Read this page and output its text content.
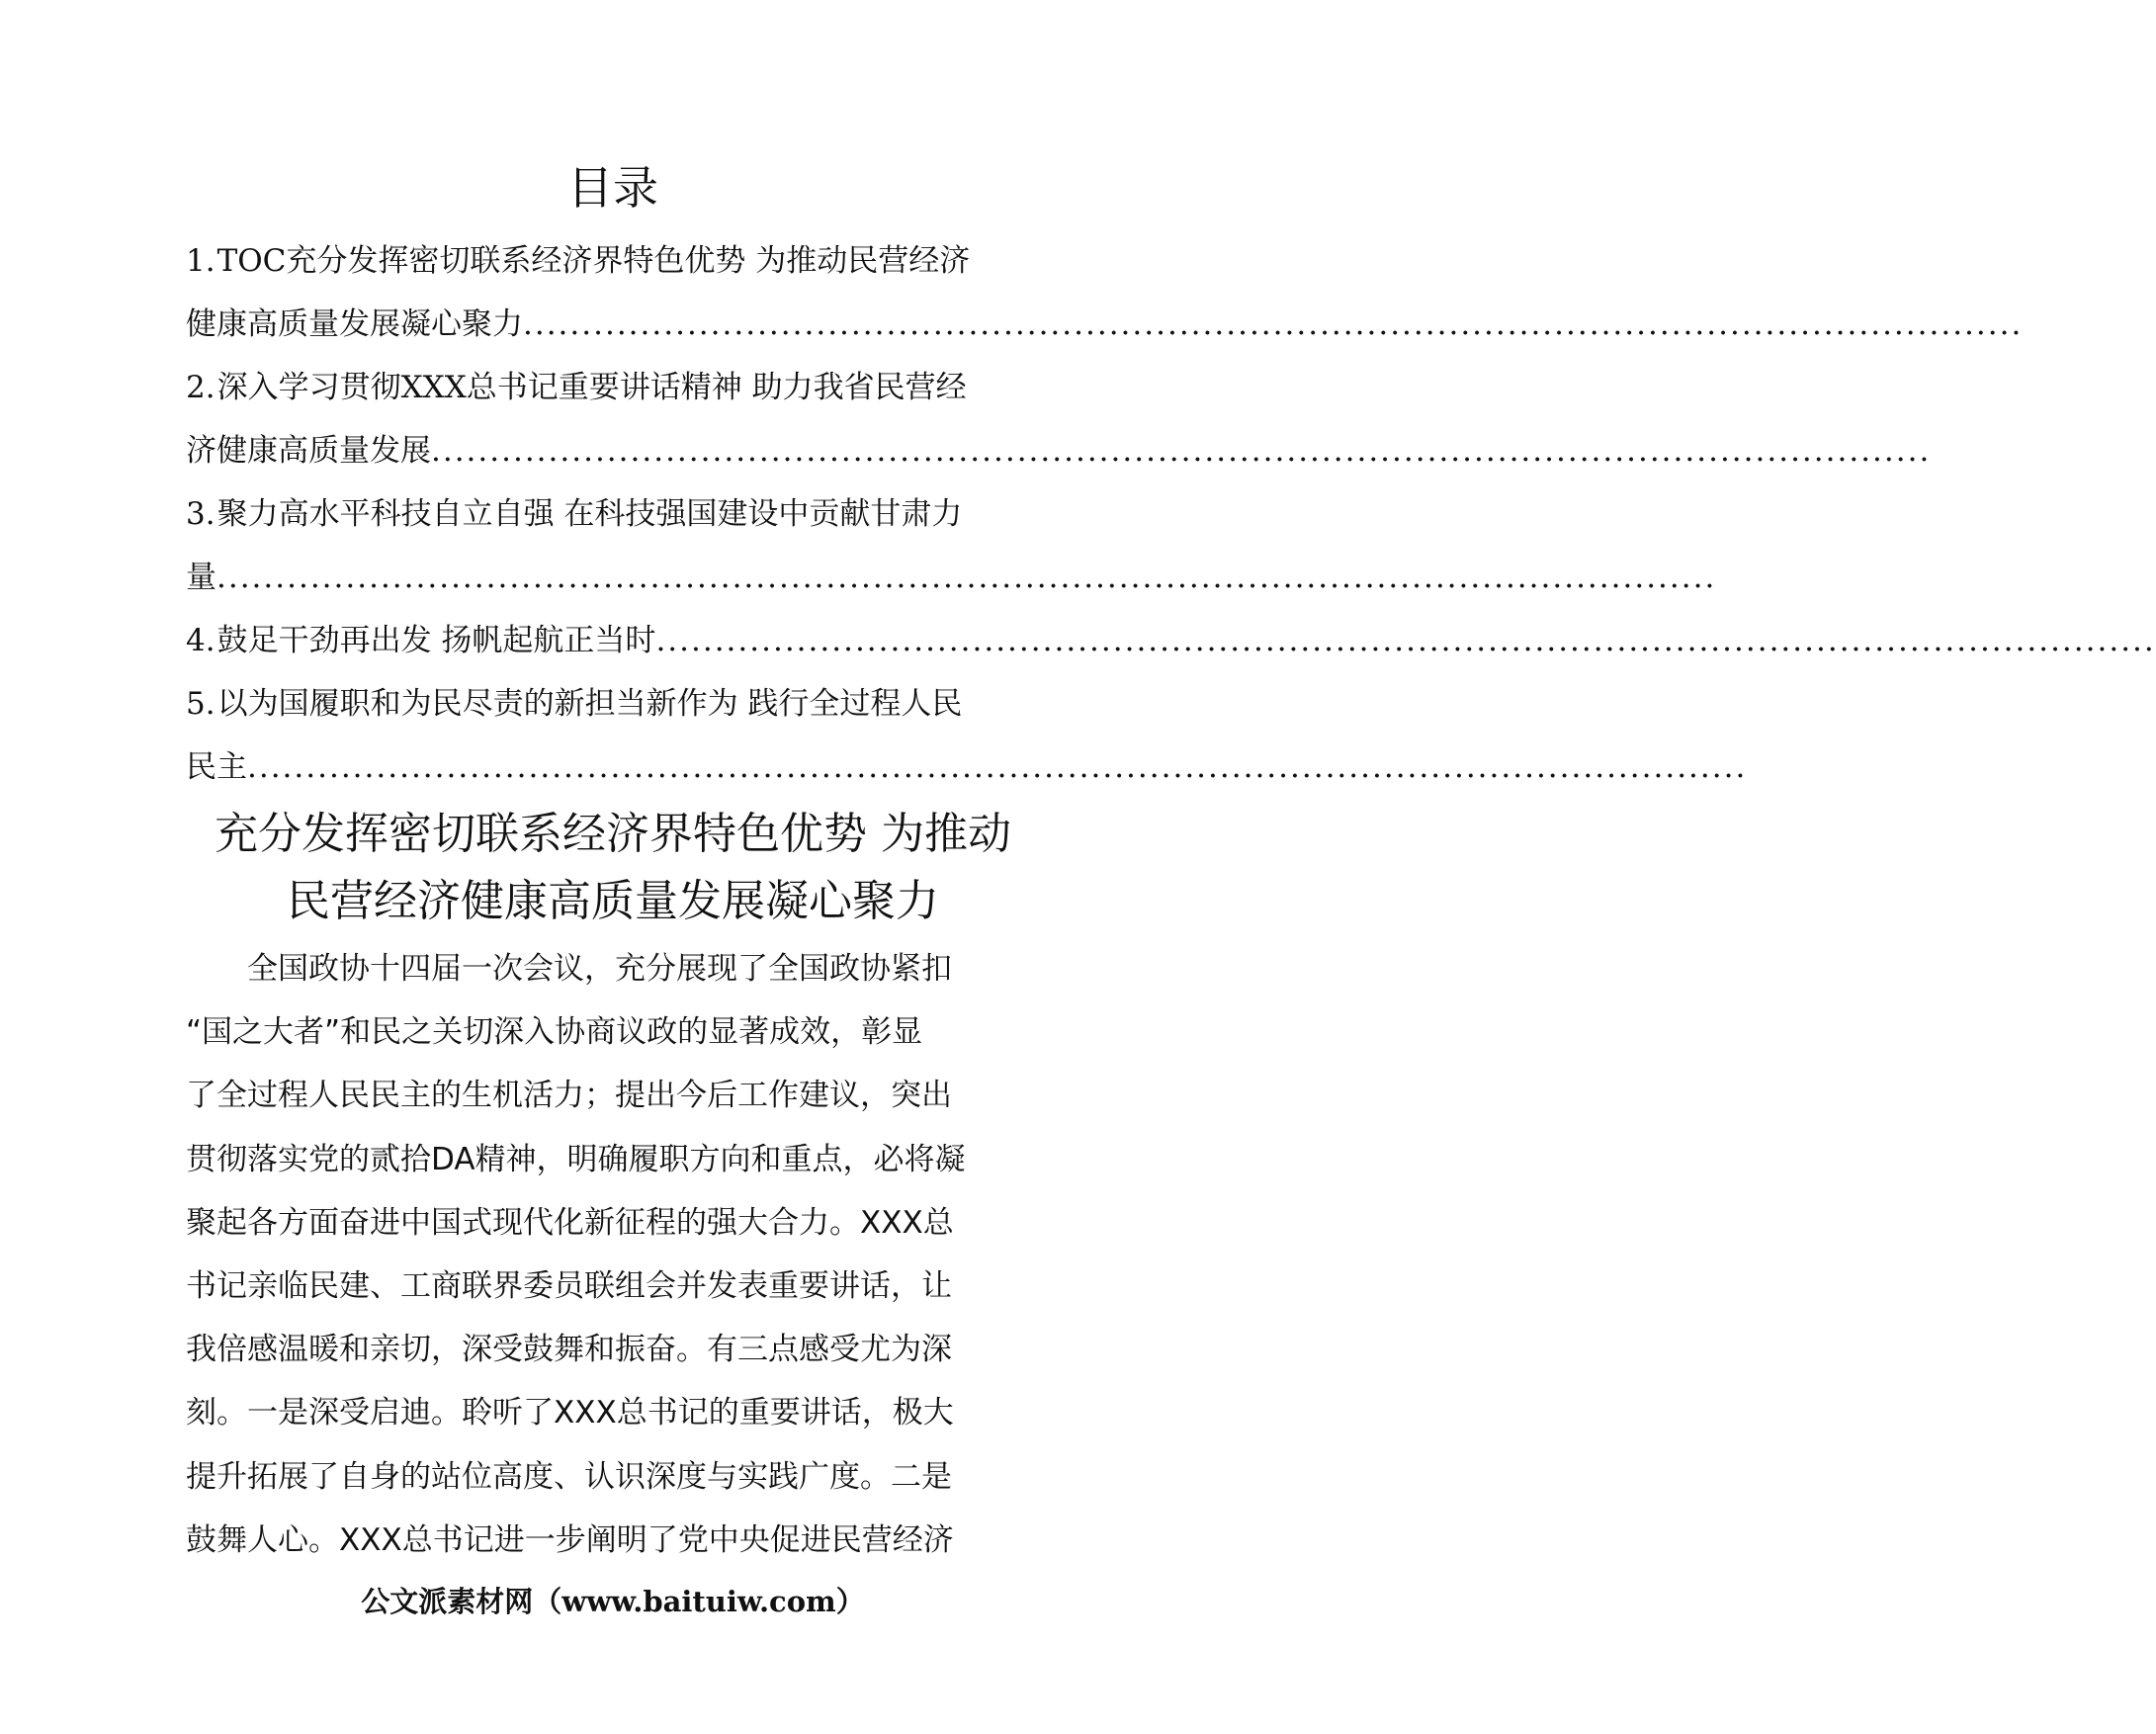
目录
1.TOC充分发挥密切联系经济界特色优势 为推动民营经济
健康高质量发展凝心聚力................................................................................................................................
2.深入学习贯彻XXX总书记重要讲话精神 助力我省民营经
济健康高质量发展................................................................................................................................
3.聚力高水平科技自立自强 在科技强国建设中贡献甘肃力
量................................................................................................................................
4.鼓足干劲再出发 扬帆起航正当时................................................................................................................................
5.以为国履职和为民尽责的新担当新作为 践行全过程人民
民主................................................................................................................................
充分发挥密切联系经济界特色优势 为推动
民营经济健康高质量发展凝心聚力
　　全国政协十四届一次会议，充分展现了全国政协紧扣
“国之大者”和民之关切深入协商议政的显著成效，彰显
了全过程人民民主的生机活力；提出今后工作建议，突出
贯彻落实党的贰拾DA精神，明确履职方向和重点，必将凝
聚起各方面奋进中国式现代化新征程的强大合力。XXX总
书记亲临民建、工商联界委员联组会并发表重要讲话，让
我倍感温暖和亲切，深受鼓舞和振奋。有三点感受尤为深
刻。一是深受启迪。聆听了XXX总书记的重要讲话，极大
提升拓展了自身的站位高度、认识深度与实践广度。二是
鼓舞人心。XXX总书记进一步阐明了党中央促进民营经济
公文派素材网（www.baituiw.com）
